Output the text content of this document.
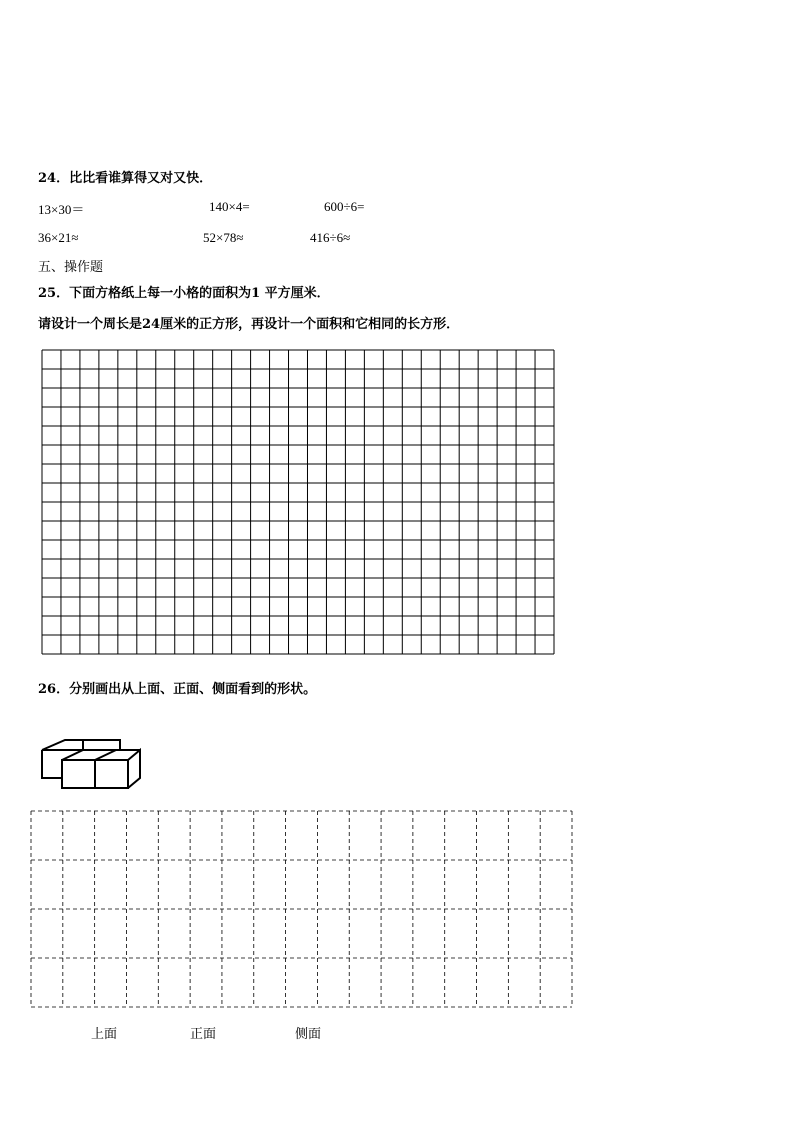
24．比比看谁算得又对又快．
13×30＝	140×4=	600÷6=
36×21≈	52×78≈	416÷6≈
五、操作题
25．下面方格纸上每一小格的面积为1 平方厘米．
请设计一个周长是24厘米的正方形，再设计一个面积和它相同的长方形．
26．分别画出从上面、正面、侧面看到的形状。
上面	正面	侧面
